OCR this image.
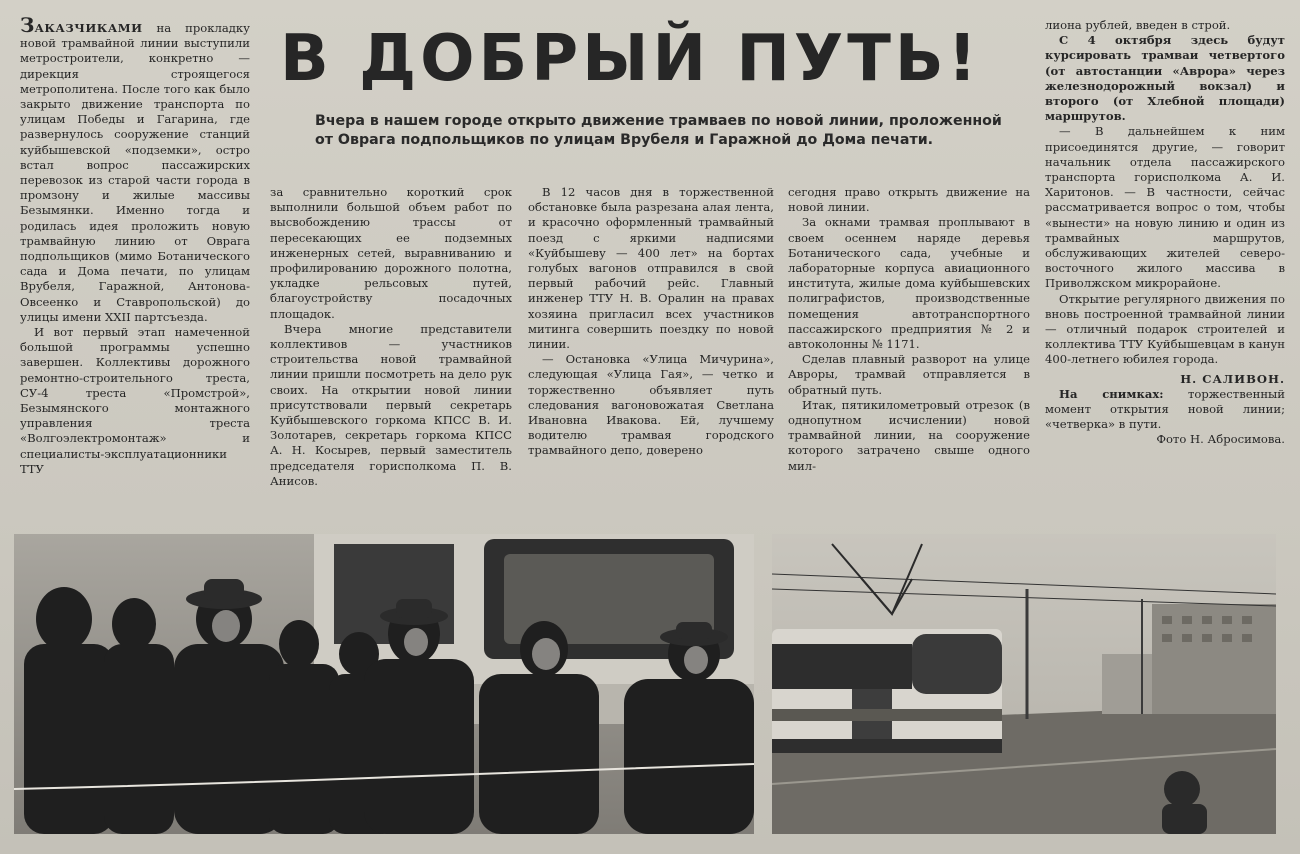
ЗАКАЗЧИКАМИ на прокладку новой трамвайной линии выступили метростроители, конкретно — дирекция строящегося метрополитена. После того как было закрыто движение транспорта по улицам Победы и Гагарина, где развернулось сооружение станций куйбышевской «подземки», остро встал вопрос пассажирских перевозок из старой части города в промзону и жилые массивы Безымянки. Именно тогда и родилась идея проложить новую трамвайную линию от Оврага подпольщиков (мимо Ботанического сада и Дома печати, по улицам Врубеля, Гаражной, Антонова-Овсеенко и Ставропольской) до улицы имени XXII партсъезда.

И вот первый этап намеченной большой программы успешно завершен. Коллективы дорожного ремонтно-строительного треста, СУ-4 треста «Промстрой», Безымянского монтажного управления треста «Волгоэлектромонтаж» и специалисты-эксплуатационники ТТУ

В ДОБРЫЙ ПУТЬ!
Вчера в нашем городе открыто движение трамваев по новой линии, проложенной от Оврага подпольщиков по улицам Врубеля и Гаражной до Дома печати.

за сравнительно короткий срок выполнили большой объем работ по высвобождению трассы от пересекающих ее подземных инженерных сетей, выравниванию и профилированию дорожного полотна, укладке рельсовых путей, благоустройству посадочных площадок.

Вчера многие представители коллективов — участников строительства новой трамвайной линии пришли посмотреть на дело рук своих. На открытии новой линии присутствовали первый секретарь Куйбышевского горкома КПСС В. И. Золотарев, секретарь горкома КПСС А. Н. Косырев, первый заместитель председателя горисполкома П. В. Анисов.

В 12 часов дня в торжественной обстановке была разрезана алая лента, и красочно оформленный трамвайный поезд с яркими надписями «Куйбышеву — 400 лет» на бортах голубых вагонов отправился в свой первый рабочий рейс. Главный инженер ТТУ Н. В. Оралин на правах хозяина пригласил всех участников митинга совершить поездку по новой линии.

— Остановка «Улица Мичурина», следующая «Улица Гая», — четко и торжественно объявляет путь следования вагоновожатая Светлана Ивановна Ивакова. Ей, лучшему водителю трамвая городского трамвайного депо, доверено

сегодня право открыть движение на новой линии.

За окнами трамвая проплывают в своем осеннем наряде деревья Ботанического сада, учебные и лабораторные корпуса авиационного института, жилые дома куйбышевских полиграфистов, производственные помещения автотранспортного пассажирского предприятия № 2 и автоколонны № 1171.

Сделав плавный разворот на улице Авроры, трамвай отправляется в обратный путь.

Итак, пятикилометровый отрезок (в однопутном исчислении) новой трамвайной линии, на сооружение которого затрачено свыше одного мил-

лиона рублей, введен в строй.

С 4 октября здесь будут курсировать трамваи четвертого (от автостанции «Аврора» через железнодорожный вокзал) и второго (от Хлебной площади) маршрутов.

— В дальнейшем к ним присоединятся другие, — говорит начальник отдела пассажирского транспорта горисполкома А. И. Харитонов. — В частности, сейчас рассматривается вопрос о том, чтобы «вынести» на новую линию и один из трамвайных маршрутов, обслуживающих жителей северо-восточного жилого массива в Приволжском микрорайоне.

Открытие регулярного движения по вновь построенной трамвайной линии — отличный подарок строителей и коллектива ТТУ Куйбышевцам в канун 400-летнего юбилея города.

Н. САЛИВОН.

На снимках: торжественный момент открытия новой линии; «четверка» в пути.

Фото Н. Абросимова.
